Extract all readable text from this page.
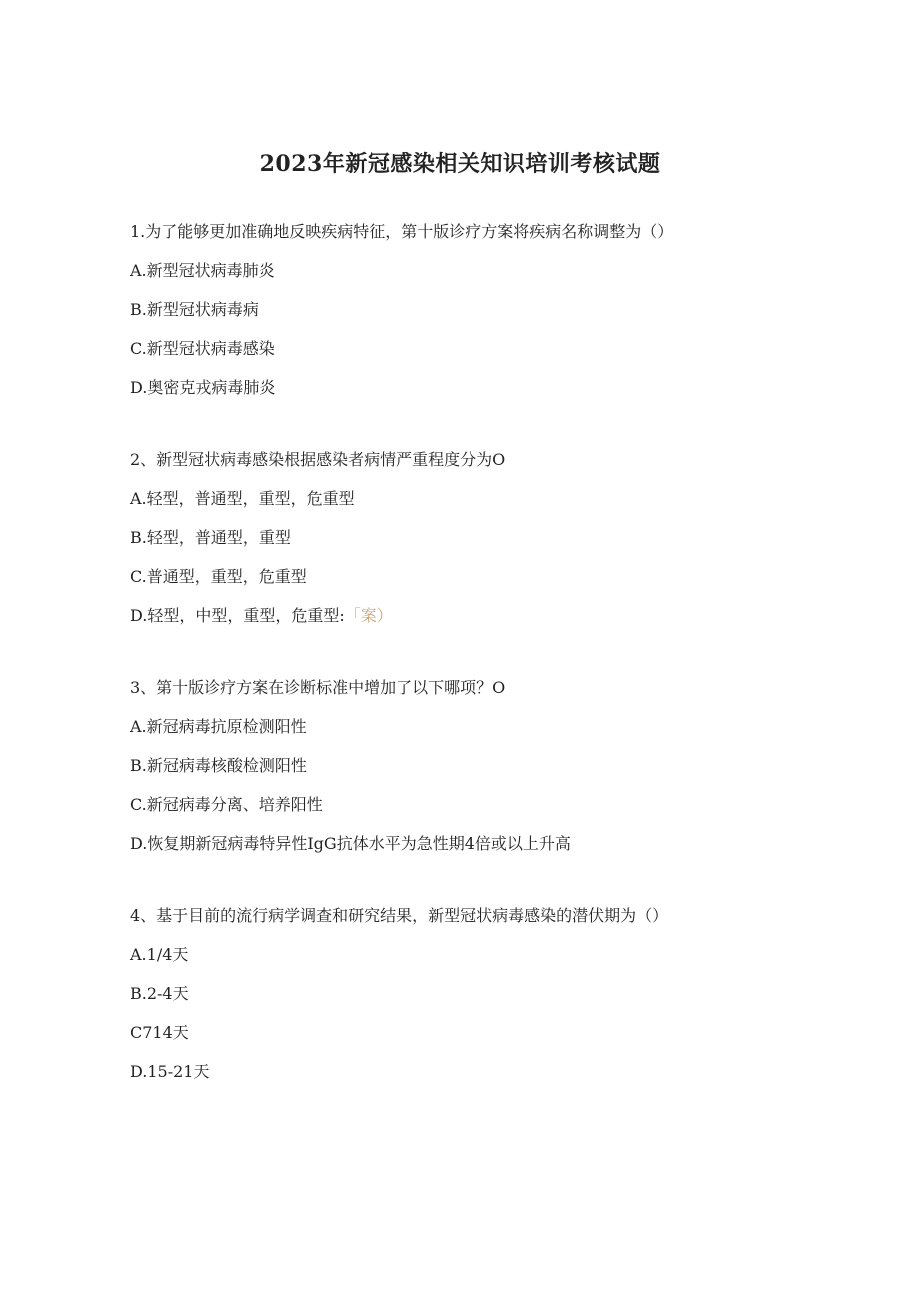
2023年新冠感染相关知识培训考核试题
1.为了能够更加准确地反映疾病特征，第十版诊疗方案将疾病名称调整为（）
A.新型冠状病毒肺炎
B.新型冠状病毒病
C.新型冠状病毒感染
D.奥密克戎病毒肺炎
2、新型冠状病毒感染根据感染者病情严重程度分为O
A.轻型，普通型，重型，危重型
B.轻型，普通型，重型
C.普通型，重型，危重型
D.轻型，中型，重型，危重型:「案）
3、第十版诊疗方案在诊断标准中增加了以下哪项？O
A.新冠病毒抗原检测阳性
B.新冠病毒核酸检测阳性
C.新冠病毒分离、培养阳性
D.恢复期新冠病毒特异性IgG抗体水平为急性期4倍或以上升高
4、基于目前的流行病学调查和研究结果，新型冠状病毒感染的潜伏期为（）
A.1/4天
B.2-4天
C714天
D.15-21天
